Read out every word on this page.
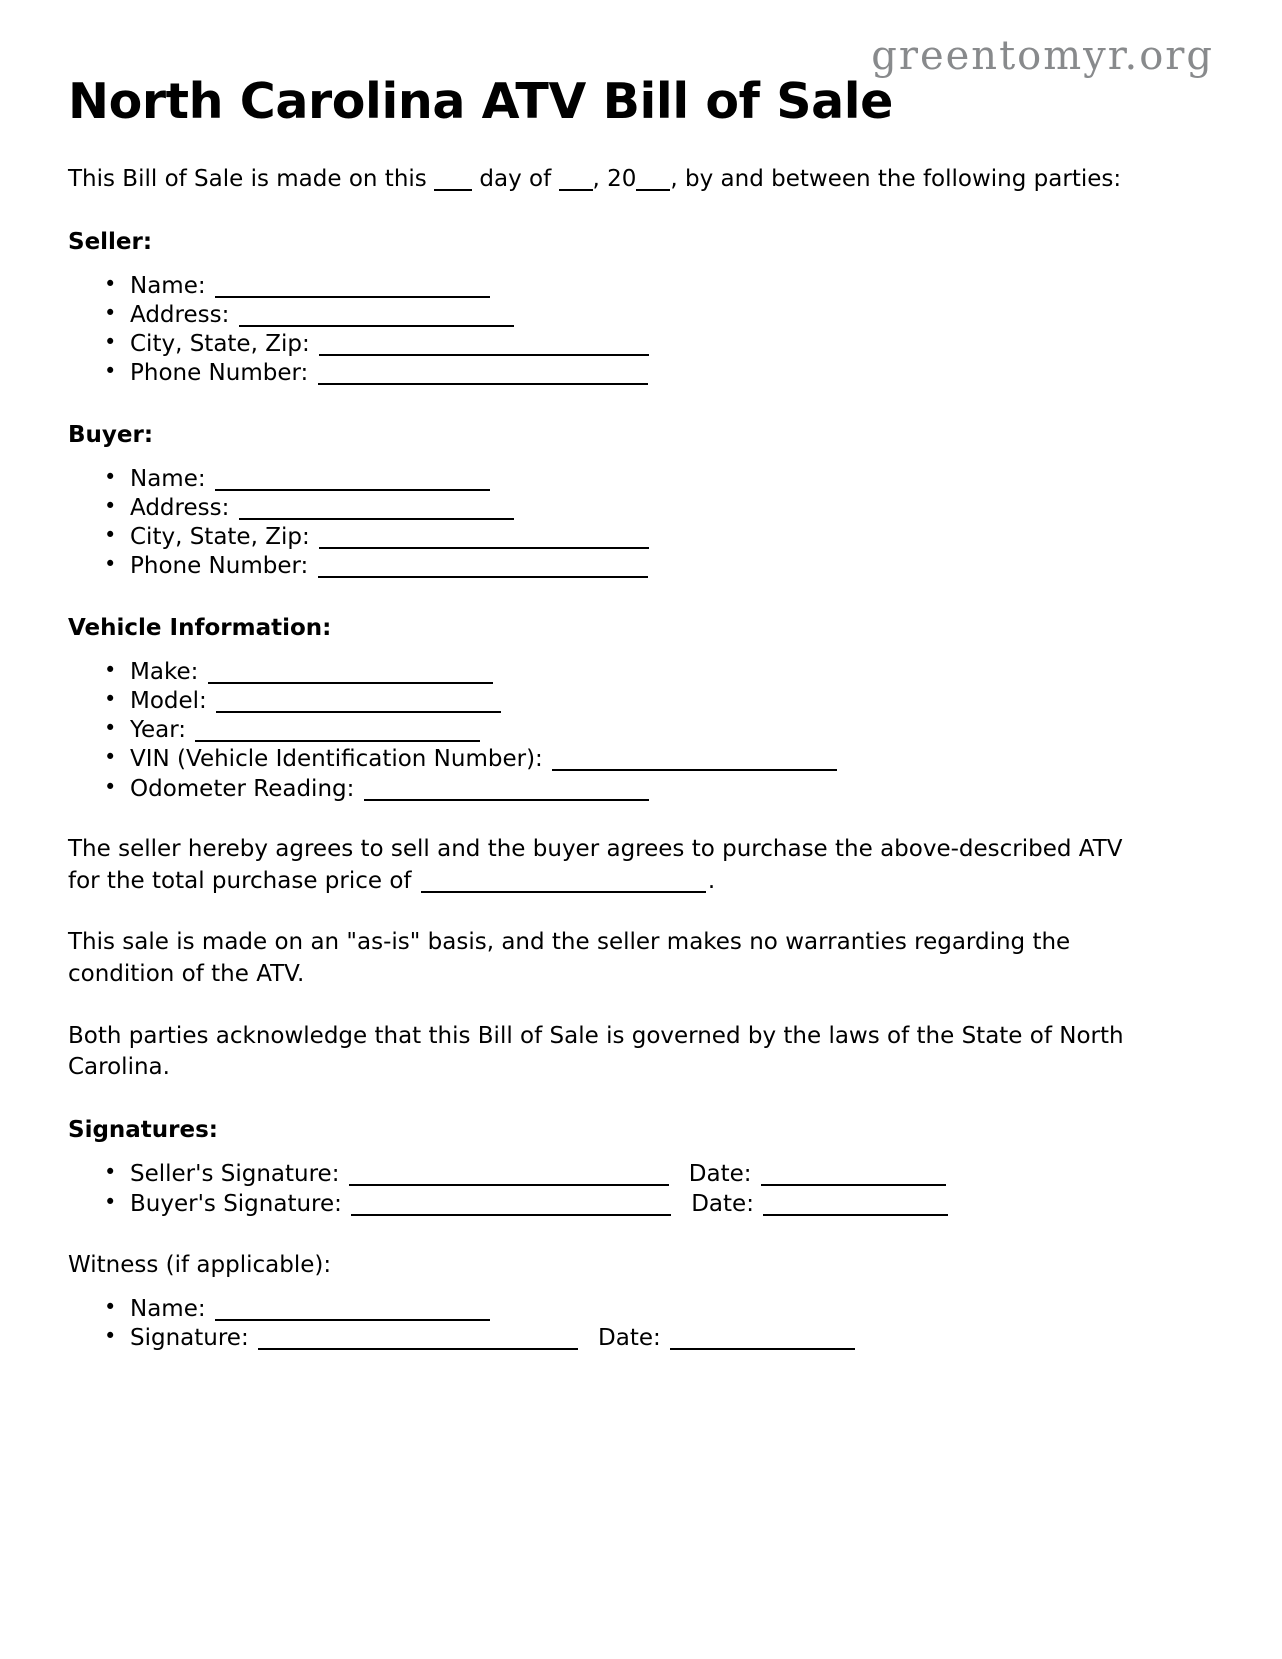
greentomyr.org
North Carolina ATV Bill of Sale

This Bill of Sale is made on this day of , 20 , by and between the following parties:

Seller:
• Name:
• Address:
• City, State, Zip:
• Phone Number:
Buyer:
• Name:
• Address:
• City, State, Zip:
• Phone Number:
Vehicle Information:
• Make:
• Model:
• Year:
• VIN (Vehicle Identification Number):
• Odometer Reading:

The seller hereby agrees to sell and the buyer agrees to purchase the above-described ATV for the total purchase price of	.

This sale is made on an "as-is" basis, and the seller makes no warranties regarding the condition of the ATV.

Both parties acknowledge that this Bill of Sale is governed by the laws of the State of North Carolina.

Signatures:
• Seller's Signature:	Date:
• Buyer's Signature:	Date:

Witness (if applicable):

• Name:
• Signature:	Date:
